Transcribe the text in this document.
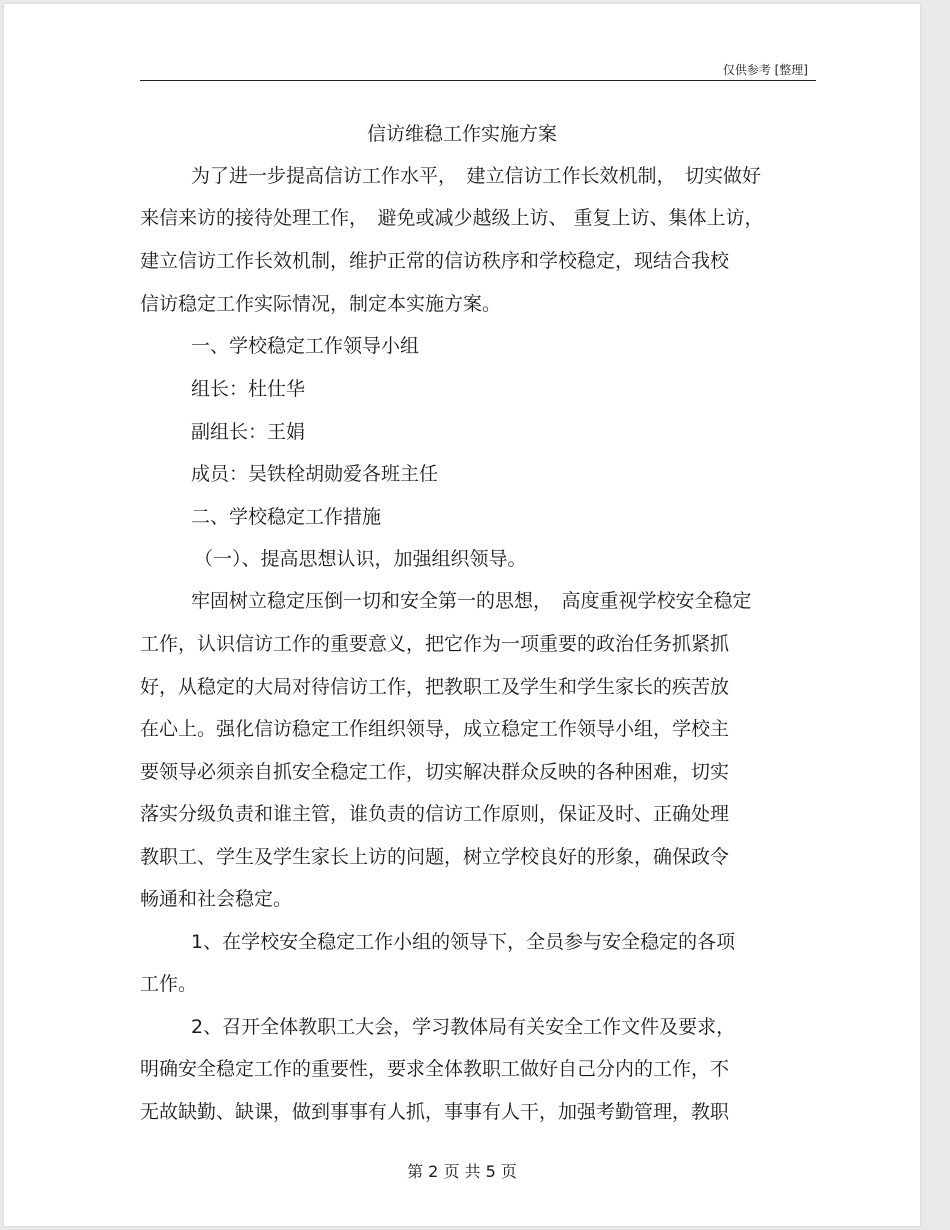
仅供参考 [整理]
信访维稳工作实施方案
为了进一步提高信访工作水平，　建立信访工作长效机制，　切实做好
来信来访的接待处理工作，　避免或减少越级上访、 重复上访、集体上访，
建立信访工作长效机制，维护正常的信访秩序和学校稳定，现结合我校
信访稳定工作实际情况，制定本实施方案。
一、学校稳定工作领导小组
组长：杜仕华
副组长：王娟
成员：吴铁栓胡勋爱各班主任
二、学校稳定工作措施
（一）、提高思想认识，加强组织领导。
牢固树立稳定压倒一切和安全第一的思想，　高度重视学校安全稳定
工作，认识信访工作的重要意义，把它作为一项重要的政治任务抓紧抓
好，从稳定的大局对待信访工作，把教职工及学生和学生家长的疾苦放
在心上。强化信访稳定工作组织领导，成立稳定工作领导小组，学校主
要领导必须亲自抓安全稳定工作，切实解决群众反映的各种困难，切实
落实分级负责和谁主管，谁负责的信访工作原则，保证及时、正确处理
教职工、学生及学生家长上访的问题，树立学校良好的形象，确保政令
畅通和社会稳定。
1、在学校安全稳定工作小组的领导下，全员参与安全稳定的各项
工作。
2、召开全体教职工大会，学习教体局有关安全工作文件及要求，
明确安全稳定工作的重要性，要求全体教职工做好自己分内的工作，不
无故缺勤、缺课，做到事事有人抓，事事有人干，加强考勤管理，教职
第 2 页 共 5 页
